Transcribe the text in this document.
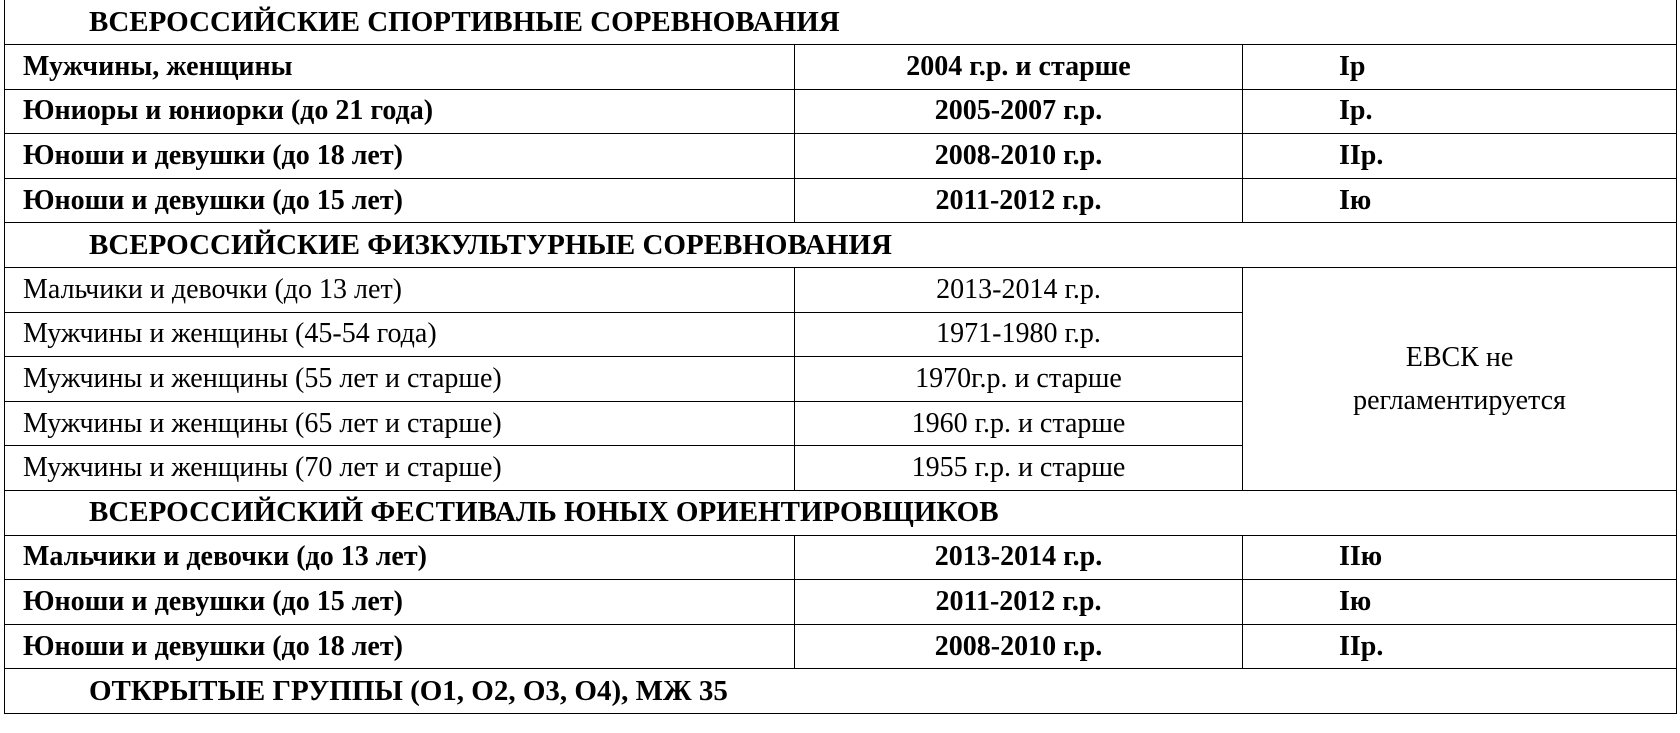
ВСЕРОССИЙСКИЕ СПОРТИВНЫЕ СОРЕВНОВАНИЯ		
Мужчины, женщины	2004 г.р. и старше	Iр
Юниоры и юниорки (до 21 года)	2005-2007 г.р.	Iр.
Юноши и девушки (до 18 лет)	2008-2010 г.р.	IIр.
Юноши и девушки (до 15 лет)	2011-2012 г.р.	Iю
ВСЕРОССИЙСКИЕ ФИЗКУЛЬТУРНЫЕ СОРЕВНОВАНИЯ		
Мальчики и девочки (до 13 лет)	2013-2014 г.р.	ЕВСК не регламентируется
Мужчины и женщины (45-54 года)	1971-1980 г.р.	
Мужчины и женщины (55 лет и старше)	1970г.р. и старше	
Мужчины и женщины (65 лет и старше)	1960 г.р. и старше	
Мужчины и женщины (70 лет и старше)	1955 г.р. и старше	
ВСЕРОССИЙСКИЙ ФЕСТИВАЛЬ ЮНЫХ ОРИЕНТИРОВЩИКОВ		
Мальчики и девочки (до 13 лет)	2013-2014 г.р.	IIю
Юноши и девушки (до 15 лет)	2011-2012 г.р.	Iю
Юноши и девушки (до 18 лет)	2008-2010 г.р.	IIр.
ОТКРЫТЫЕ ГРУППЫ (О1, О2, О3, О4), МЖ 35		
